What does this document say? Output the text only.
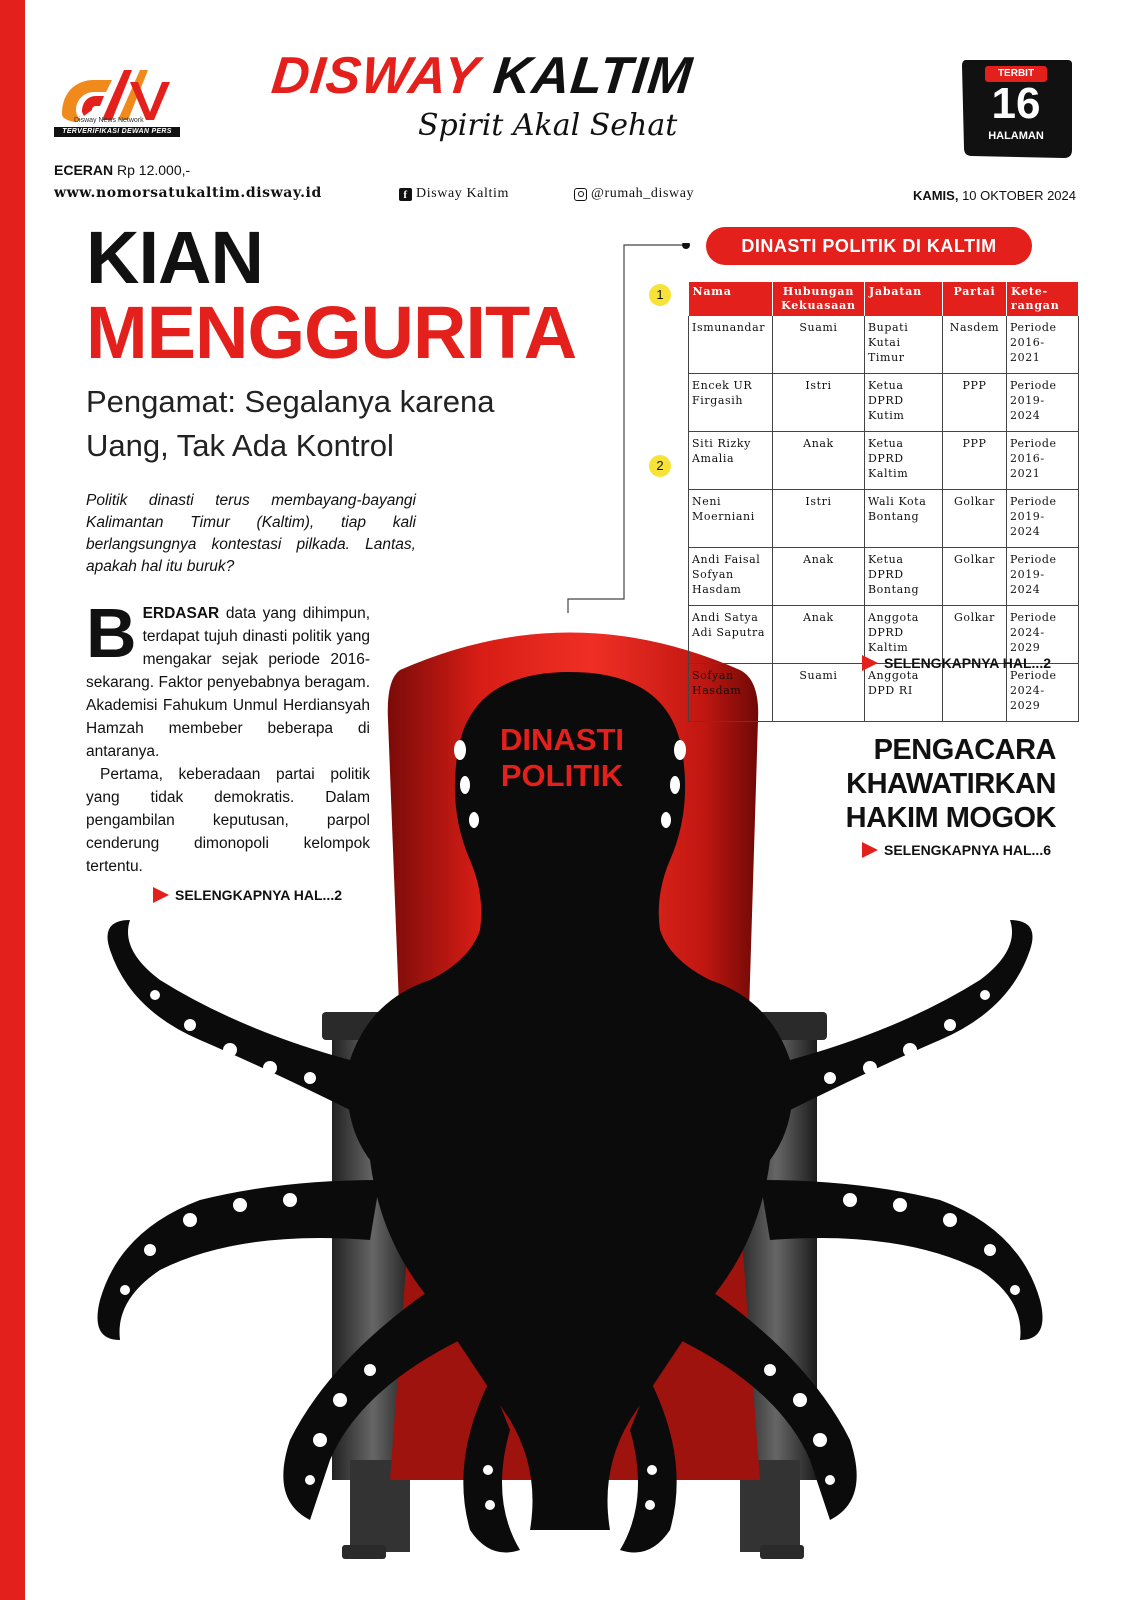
Disway News Network
TERVERIFIKASI DEWAN PERS
DISWAY KALTIM
Spirit Akal Sehat
TERBIT
16
HALAMAN
ECERAN Rp 12.000,-
www.nomorsatukaltim.disway.id	f Disway Kaltim	@rumah_disway	KAMIS, 10 OKTOBER 2024
DINASTI
POLITIK
KIAN
MENGGURITA
Pengamat: Segalanya karena Uang, Tak Ada Kontrol
Politik dinasti terus membayang-bayangi Kalimantan Timur (Kaltim), tiap kali berlangsungnya kontestasi pilkada. Lantas, apakah hal itu buruk?

BERDASAR data yang dihimpun, terdapat tujuh dinasti politik yang mengakar sejak periode 2016-sekarang. Faktor penyebabnya beragam. Akademisi Fahukum Unmul Herdiansyah Hamzah membeber beberapa di antaranya.

Pertama, keberadaan partai politik yang tidak demokratis. Dalam pengambilan keputusan, parpol cenderung dimonopoli kelompok tertentu.

SELENGKAPNYA HAL...2
DINASTI POLITIK DI KALTIM
1
2
Nama	Hubungan Kekuasaan	Jabatan	Partai	Kete-rangan
Ismunandar	Suami	Bupati Kutai Timur	Nasdem	Periode 2016-2021
Encek UR Firgasih	Istri	Ketua DPRD Kutim	PPP	Periode 2019-2024
Siti Rizky Amalia	Anak	Ketua DPRD Kaltim	PPP	Periode 2016-2021
Neni Moerniani	Istri	Wali Kota Bontang	Golkar	Periode 2019-2024
Andi Faisal Sofyan Hasdam	Anak	Ketua DPRD Bontang	Golkar	Periode 2019-2024
Andi Satya Adi Saputra	Anak	Anggota DPRD Kaltim	Golkar	Periode 2024-2029
Sofyan Hasdam	Suami	Anggota DPD RI		Periode 2024-2029
SELENGKAPNYA HAL...2
PENGACARA
KHAWATIRKAN
HAKIM MOGOK
SELENGKAPNYA HAL...6
